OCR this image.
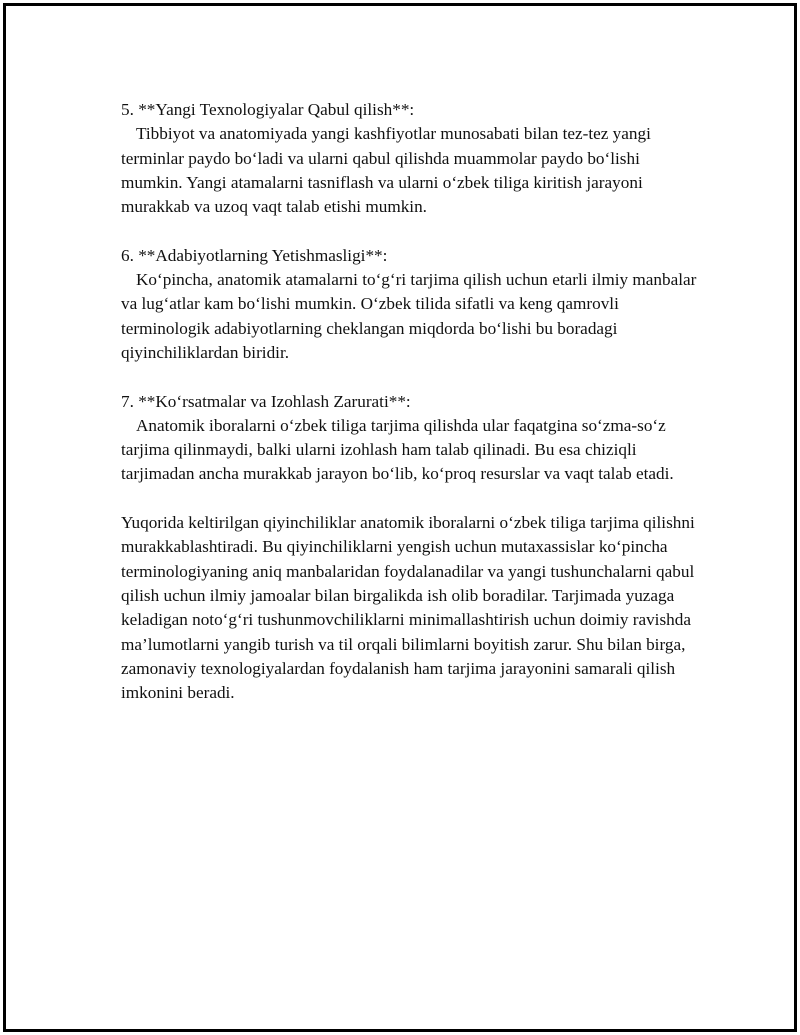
5. **Yangi Texnologiyalar Qabul qilish**:
Tibbiyot va anatomiyada yangi kashfiyotlar munosabati bilan tez-tez yangi terminlar paydo bo‘ladi va ularni qabul qilishda muammolar paydo bo‘lishi mumkin. Yangi atamalarni tasniflash va ularni o‘zbek tiliga kiritish jarayoni murakkab va uzoq vaqt talab etishi mumkin.
6. **Adabiyotlarning Yetishmasligi**:
Ko‘pincha, anatomik atamalarni to‘g‘ri tarjima qilish uchun etarli ilmiy manbalar va lug‘atlar kam bo‘lishi mumkin. O‘zbek tilida sifatli va keng qamrovli terminologik adabiyotlarning cheklangan miqdorda bo‘lishi bu boradagi qiyinchiliklardan biridir.
7. **Ko‘rsatmalar va Izohlash Zarurati**:
Anatomik iboralarni o‘zbek tiliga tarjima qilishda ular faqatgina so‘zma-so‘z tarjima qilinmaydi, balki ularni izohlash ham talab qilinadi. Bu esa chiziqli tarjimadan ancha murakkab jarayon bo‘lib, ko‘proq resurslar va vaqt talab etadi.
Yuqorida keltirilgan qiyinchiliklar anatomik iboralarni o‘zbek tiliga tarjima qilishni murakkablashtiradi. Bu qiyinchiliklarni yengish uchun mutaxassislar ko‘pincha terminologiyaning aniq manbalaridan foydalanadilar va yangi tushunchalarni qabul qilish uchun ilmiy jamoalar bilan birgalikda ish olib boradilar. Tarjimada yuzaga keladigan noto‘g‘ri tushunmovchiliklarni minimallashtirish uchun doimiy ravishda ma’lumotlarni yangib turish va til orqali bilimlarni boyitish zarur. Shu bilan birga, zamonaviy texnologiyalardan foydalanish ham tarjima jarayonini samarali qilish imkonini beradi.
